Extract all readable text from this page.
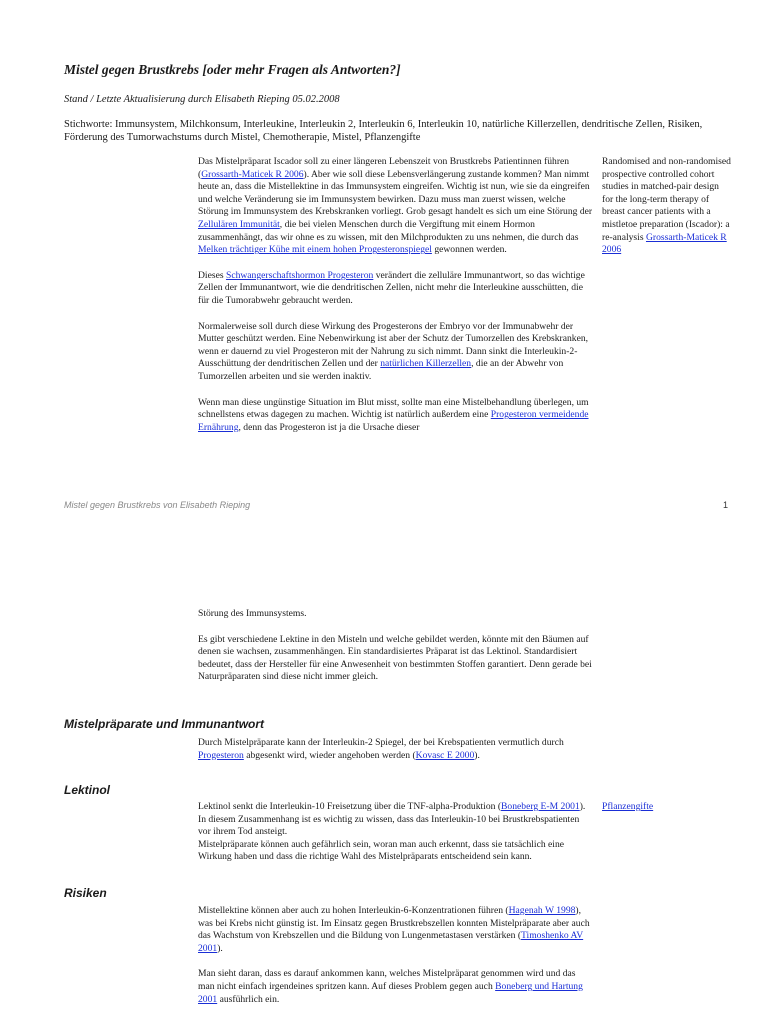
Mistel gegen Brustkrebs [oder mehr Fragen als Antworten?]
Stand / Letzte Aktualisierung durch Elisabeth Rieping 05.02.2008
Stichworte: Immunsystem, Milchkonsum, Interleukine, Interleukin 2, Interleukin 6, Interleukin 10, natürliche Killerzellen, dendritische Zellen, Risiken, Förderung des Tumorwachstums durch Mistel, Chemotherapie, Mistel, Pflanzengifte

Das Mistelpräparat Iscador soll zu einer längeren Lebenszeit von Brustkrebs Patientinnen führen (Grossarth-Maticek R 2006). Aber wie soll diese Lebensverlängerung zustande kommen? Man nimmt heute an, dass die Mistellektine in das Immunsystem eingreifen. Wichtig ist nun, wie sie da eingreifen und welche Veränderung sie im Immunsystem bewirken. Dazu muss man zuerst wissen, welche Störung im Immunsystem des Krebskranken vorliegt. Grob gesagt handelt es sich um eine Störung der Zellulären Immunität, die bei vielen Menschen durch die Vergiftung mit einem Hormon zusammenhängt, das wir ohne es zu wissen, mit den Milchprodukten zu uns nehmen, die durch das Melken trächtiger Kühe mit einem hohen Progesteronspiegel gewonnen werden.

Dieses Schwangerschaftshormon Progesteron verändert die zelluläre Immunantwort, so das wichtige Zellen der Immunantwort, wie die dendritischen Zellen, nicht mehr die Interleukine ausschütten, die für die Tumorabwehr gebraucht werden.

Normalerweise soll durch diese Wirkung des Progesterons der Embryo vor der Immunabwehr der Mutter geschützt werden. Eine Nebenwirkung ist aber der Schutz der Tumorzellen des Krebskranken, wenn er dauernd zu viel Progesteron mit der Nahrung zu sich nimmt. Dann sinkt die Interleukin-2-Ausschüttung der dendritischen Zellen und der natürlichen Killerzellen, die an der Abwehr von Tumorzellen arbeiten und sie werden inaktiv.

Wenn man diese ungünstige Situation im Blut misst, sollte man eine Mistelbehandlung überlegen, um schnellstens etwas dagegen zu machen. Wichtig ist natürlich außerdem eine Progesteron vermeidende Ernährung, denn das Progesteron ist ja die Ursache dieser

Randomised and non-randomised prospective controlled cohort studies in matched-pair design for the long-term therapy of breast cancer patients with a mistletoe preparation (Iscador): a re-analysis Grossarth-Maticek R 2006
Mistel gegen Brustkrebs von Elisabeth Rieping	1

Störung des Immunsystems.

Es gibt verschiedene Lektine in den Misteln und welche gebildet werden, könnte mit den Bäumen auf denen sie wachsen, zusammenhängen. Ein standardisiertes Präparat ist das Lektinol. Standardisiert bedeutet, dass der Hersteller für eine Anwesenheit von bestimmten Stoffen garantiert. Denn gerade bei Naturpräparaten sind diese nicht immer gleich.

Mistelpräparate und Immunantwort

Durch Mistelpräparate kann der Interleukin-2 Spiegel, der bei Krebspatienten vermutlich durch Progesteron abgesenkt wird, wieder angehoben werden (Kovasc E 2000).

Lektinol

Lektinol senkt die Interleukin-10 Freisetzung über die TNF-alpha-Produktion (Boneberg E-M 2001). In diesem Zusammenhang ist es wichtig zu wissen, dass das Interleukin-10 bei Brustkrebspatienten vor ihrem Tod ansteigt.
Mistelpräparate können auch gefährlich sein, woran man auch erkennt, dass sie tatsächlich eine Wirkung haben und dass die richtige Wahl des Mistelpräparats entscheidend sein kann.

Pflanzengifte
Risiken

Mistellektine können aber auch zu hohen Interleukin-6-Konzentrationen führen (Hagenah W 1998), was bei Krebs nicht günstig ist. Im Einsatz gegen Brustkrebszellen konnten Mistelpräparate aber auch das Wachstum von Krebszellen und die Bildung von Lungenmetastasen verstärken (Timoshenko AV 2001).

Man sieht daran, dass es darauf ankommen kann, welches Mistelpräparat genommen wird und das man nicht einfach irgendeines spritzen kann. Auf dieses Problem gegen auch Boneberg und Hartung 2001 ausführlich ein.
